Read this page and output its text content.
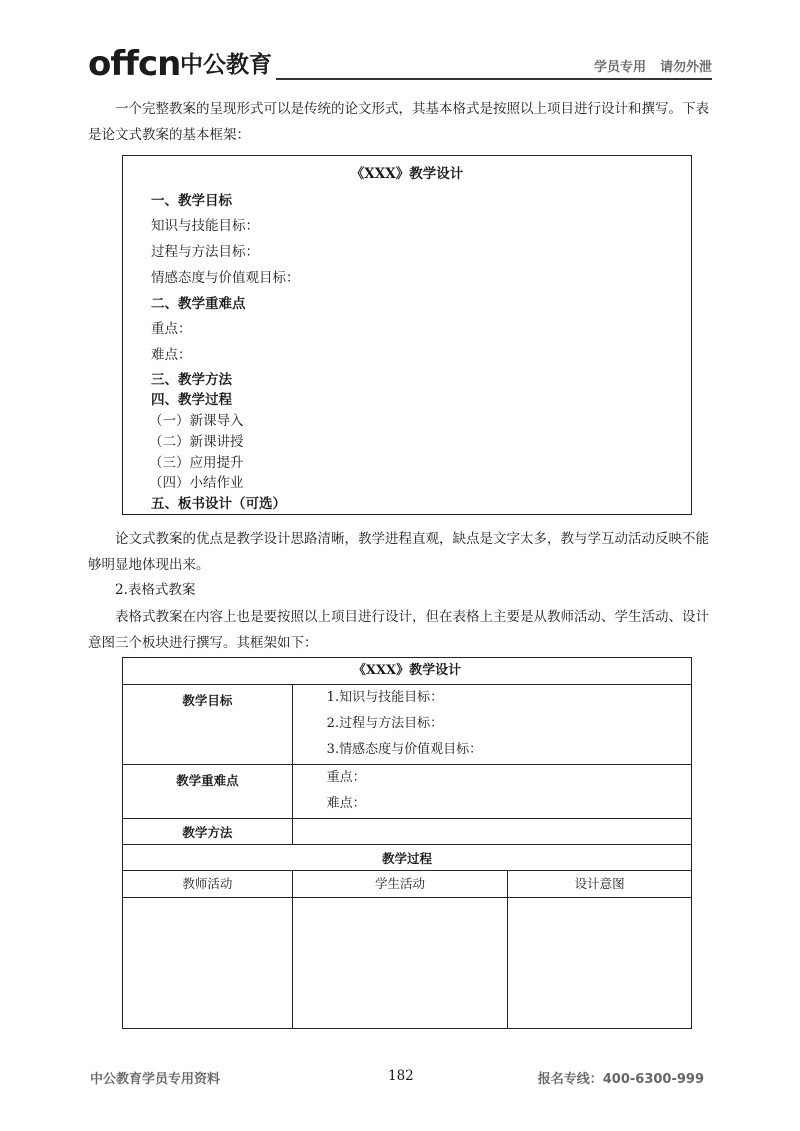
offcn 中公教育	学员专用 请勿外泄
一个完整教案的呈现形式可以是传统的论文形式，其基本格式是按照以上项目进行设计和撰写。下表是论文式教案的基本框架：
《XXX》教学设计
一、教学目标
知识与技能目标：
过程与方法目标：
情感态度与价值观目标：
二、教学重难点
重点：
难点：
三、教学方法
四、教学过程
（一）新课导入
（二）新课讲授
（三）应用提升
（四）小结作业
五、板书设计（可选）
论文式教案的优点是教学设计思路清晰，教学进程直观，缺点是文字太多，教与学互动活动反映不能够明显地体现出来。
2.表格式教案
表格式教案在内容上也是要按照以上项目进行设计，但在表格上主要是从教师活动、学生活动、设计意图三个板块进行撰写。其框架如下：
《XXX》教学设计		
教学目标	1.知识与技能目标：
2.过程与方法目标：
3.情感态度与价值观目标：	

教学重难点	重点：
难点：	

教学方法		
教学过程		
教师活动	学生活动	设计意图

中公教育学员专用资料	182	报名专线：400-6300-999
